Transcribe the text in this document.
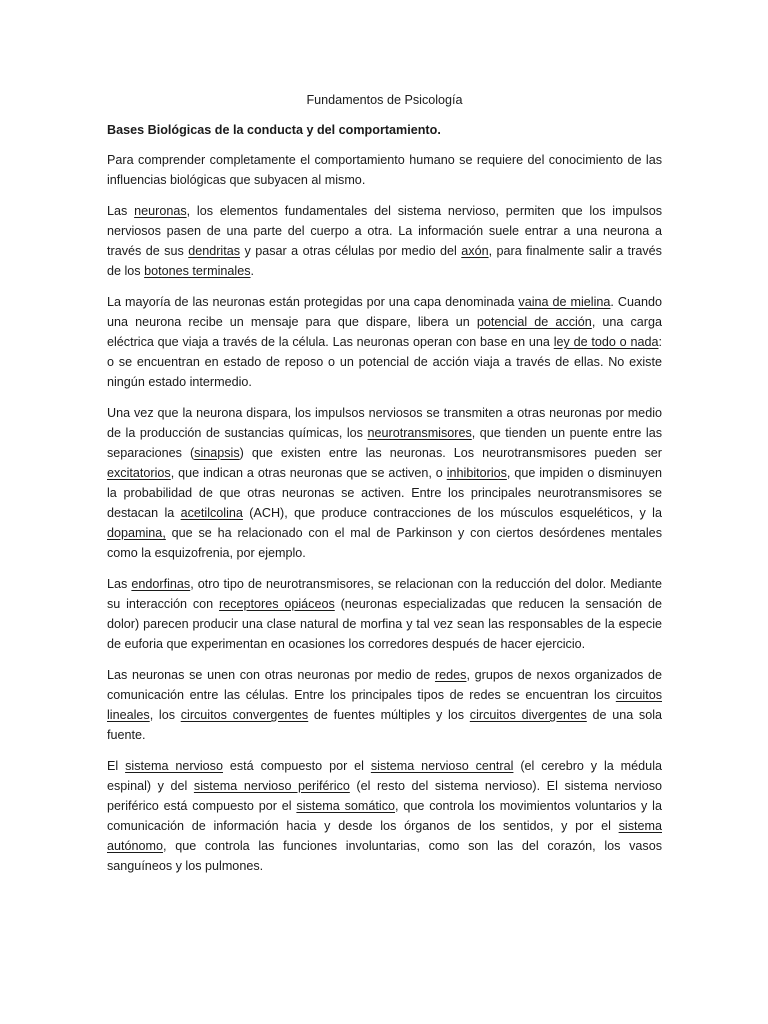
Fundamentos de Psicología
Bases Biológicas de la conducta y del comportamiento.

Para comprender completamente el comportamiento humano se requiere del conocimiento de las influencias biológicas que subyacen al mismo.

Las neuronas, los elementos fundamentales del sistema nervioso, permiten que los impulsos nerviosos pasen de una parte del cuerpo a otra. La información suele entrar a una neurona a través de sus dendritas y pasar a otras células por medio del axón, para finalmente salir a través de los botones terminales.

La mayoría de las neuronas están protegidas por una capa denominada vaina de mielina. Cuando una neurona recibe un mensaje para que dispare, libera un potencial de acción, una carga eléctrica que viaja a través de la célula. Las neuronas operan con base en una ley de todo o nada: o se encuentran en estado de reposo o un potencial de acción viaja a través de ellas. No existe ningún estado intermedio.

Una vez que la neurona dispara, los impulsos nerviosos se transmiten a otras neuronas por medio de la producción de sustancias químicas, los neurotransmisores, que tienden un puente entre las separaciones (sinapsis) que existen entre las neuronas. Los neurotransmisores pueden ser excitatorios, que indican a otras neuronas que se activen, o inhibitorios, que impiden o disminuyen la probabilidad de que otras neuronas se activen. Entre los principales neurotransmisores se destacan la acetilcolina (ACH), que produce contracciones de los músculos esqueléticos, y la dopamina, que se ha relacionado con el mal de Parkinson y con ciertos desórdenes mentales como la esquizofrenia, por ejemplo.

Las endorfinas, otro tipo de neurotransmisores, se relacionan con la reducción del dolor. Mediante su interacción con receptores opiáceos (neuronas especializadas que reducen la sensación de dolor) parecen producir una clase natural de morfina y tal vez sean las responsables de la especie de euforia que experimentan en ocasiones los corredores después de hacer ejercicio.

Las neuronas se unen con otras neuronas por medio de redes, grupos de nexos organizados de comunicación entre las células. Entre los principales tipos de redes se encuentran los circuitos lineales, los circuitos convergentes de fuentes múltiples y los circuitos divergentes de una sola fuente.

El sistema nervioso está compuesto por el sistema nervioso central (el cerebro y la médula espinal) y del sistema nervioso periférico (el resto del sistema nervioso). El sistema nervioso periférico está compuesto por el sistema somático, que controla los movimientos voluntarios y la comunicación de información hacia y desde los órganos de los sentidos, y por el sistema autónomo, que controla las funciones involuntarias, como son las del corazón, los vasos sanguíneos y los pulmones.
